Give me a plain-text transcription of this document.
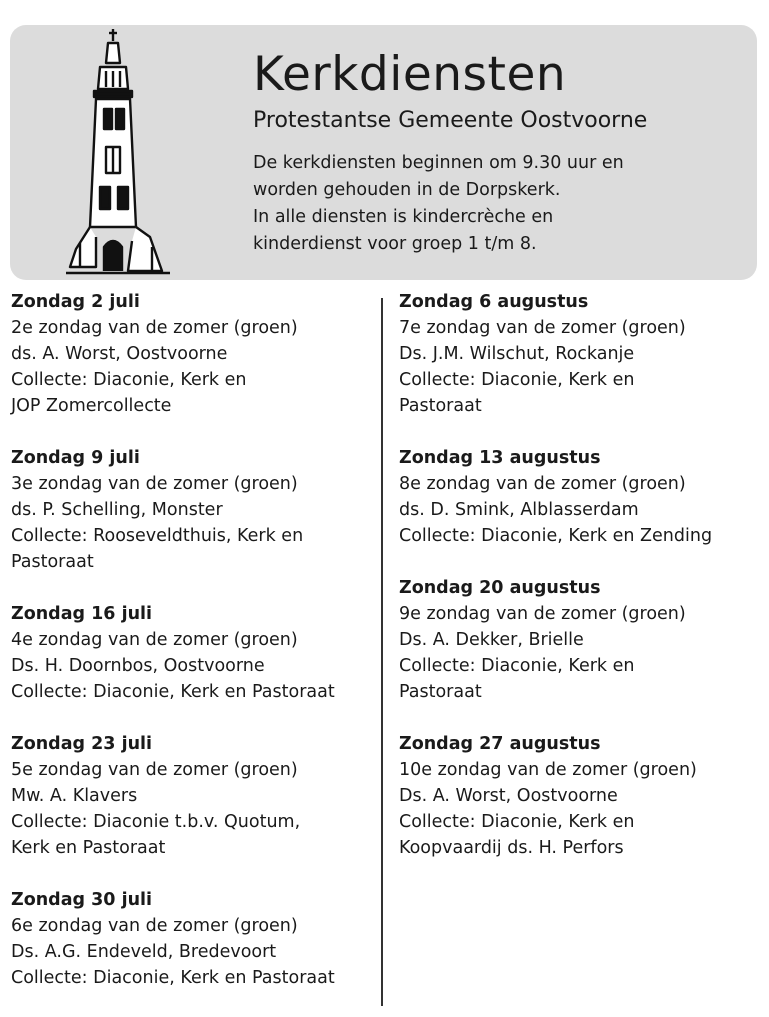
Kerkdiensten
Protestantse Gemeente Oostvoorne
De kerkdiensten beginnen om 9.30 uur en
worden gehouden in de Dorpskerk.
In alle diensten is kindercrèche en
kinderdienst voor groep 1 t/m 8.
Zondag 2 juli
2e zondag van de zomer (groen)
ds. A. Worst, Oostvoorne
Collecte: Diaconie, Kerk en
JOP Zomercollecte
Zondag 9 juli
3e zondag van de zomer (groen)
ds. P. Schelling, Monster
Collecte: Rooseveldthuis, Kerk en
Pastoraat
Zondag 16 juli
4e zondag van de zomer (groen)
Ds. H. Doornbos, Oostvoorne
Collecte: Diaconie, Kerk en Pastoraat
Zondag 23 juli
5e zondag van de zomer (groen)
Mw. A. Klavers
Collecte: Diaconie t.b.v. Quotum,
Kerk en Pastoraat
Zondag 30 juli
6e zondag van de zomer (groen)
Ds. A.G. Endeveld, Bredevoort
Collecte: Diaconie, Kerk en Pastoraat
Zondag 6 augustus
7e zondag van de zomer (groen)
Ds. J.M. Wilschut, Rockanje
Collecte: Diaconie, Kerk en
Pastoraat
Zondag 13 augustus
8e zondag van de zomer (groen)
ds. D. Smink, Alblasserdam
Collecte: Diaconie, Kerk en Zending
Zondag 20 augustus
9e zondag van de zomer (groen)
Ds. A. Dekker, Brielle
Collecte: Diaconie, Kerk en
Pastoraat
Zondag 27 augustus
10e zondag van de zomer (groen)
Ds. A. Worst, Oostvoorne
Collecte: Diaconie, Kerk en
Koopvaardij ds. H. Perfors
